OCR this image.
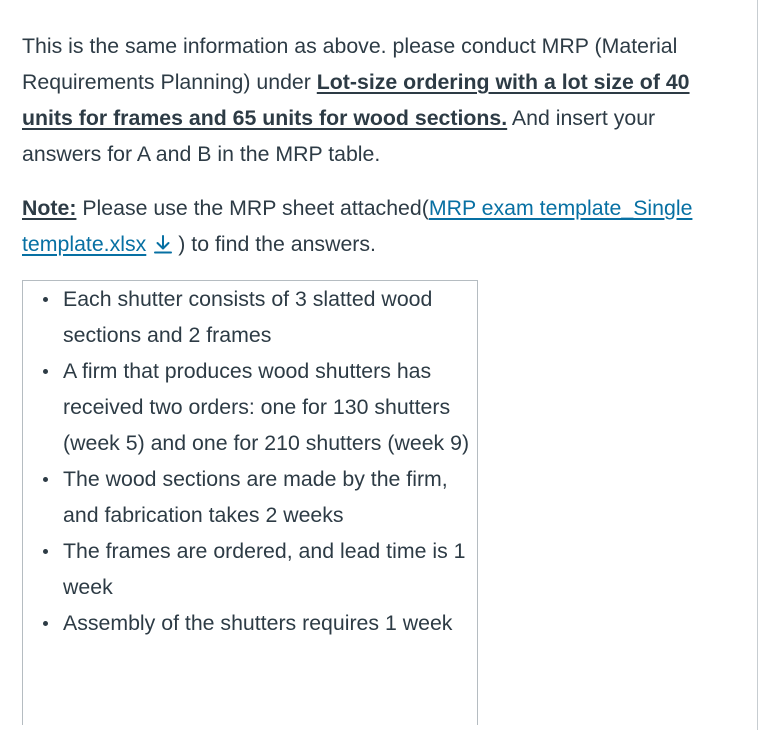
This is the same information as above. please conduct MRP (Material Requirements Planning) under Lot-size ordering with a lot size of 40 units for frames and 65 units for wood sections. And insert your answers for A and B in the MRP table.

Note: Please use the MRP sheet attached(MRP exam template_Single template.xlsx ) to find the answers.

Each shutter consists of 3 slatted wood sections and 2 frames
A firm that produces wood shutters has received two orders: one for 130 shutters (week 5) and one for 210 shutters (week 9)
The wood sections are made by the firm, and fabrication takes 2 weeks
The frames are ordered, and lead time is 1 week
Assembly of the shutters requires 1 week
